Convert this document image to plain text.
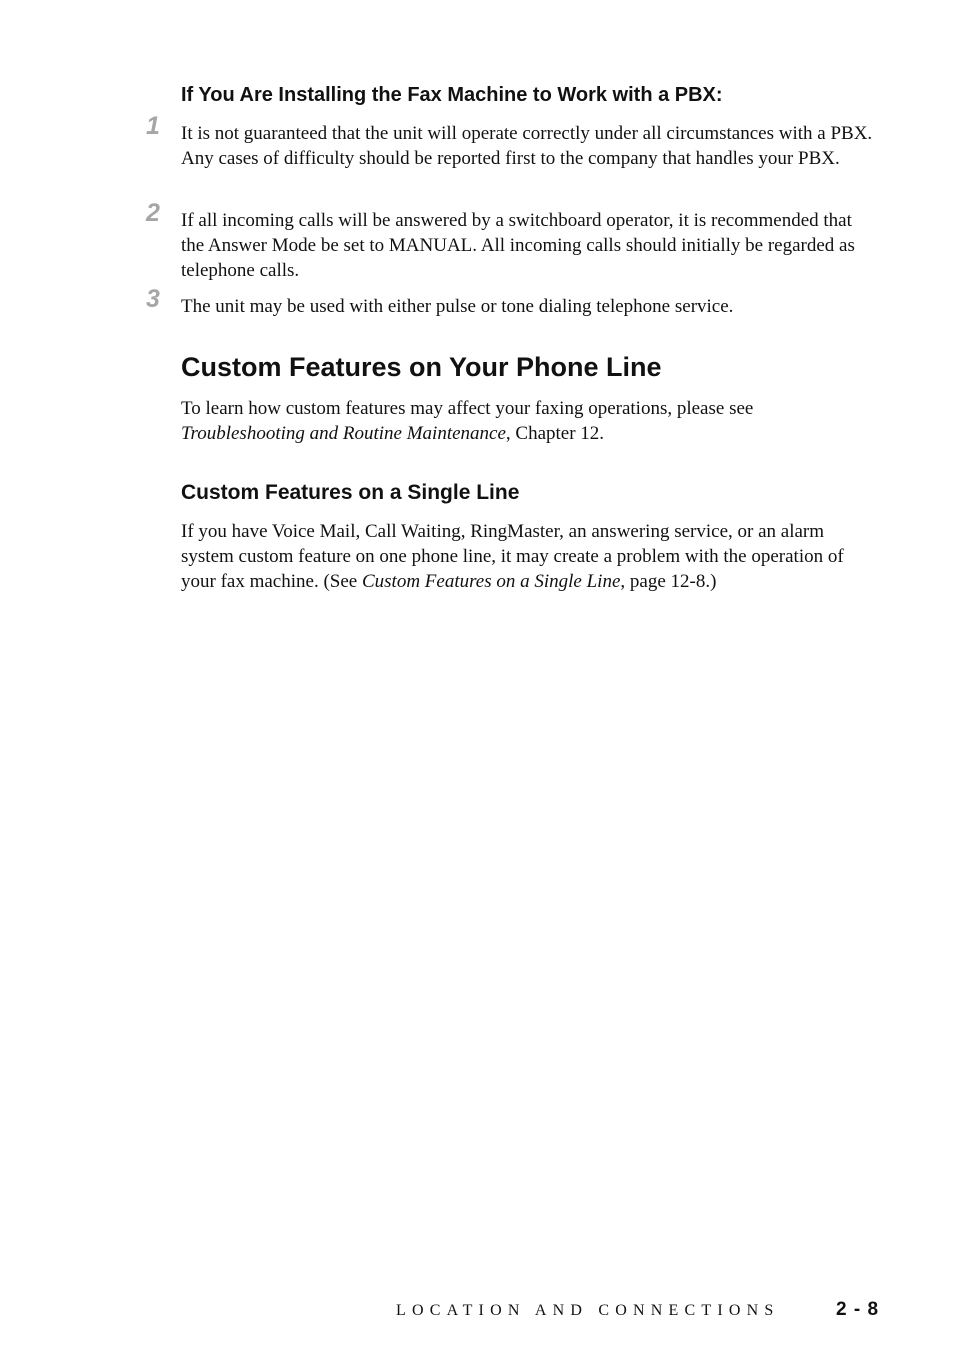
If You Are Installing the Fax Machine to Work with a PBX:
1	It is not guaranteed that the unit will operate correctly under all circumstances with a PBX. Any cases of difficulty should be reported first to the company that handles your PBX.

2	If all incoming calls will be answered by a switchboard operator, it is recommended that the Answer Mode be set to MANUAL. All incoming calls should initially be regarded as telephone calls.

3	The unit may be used with either pulse or tone dialing telephone service.

Custom Features on Your Phone Line

To learn how custom features may affect your faxing operations, please see Troubleshooting and Routine Maintenance, Chapter 12.

Custom Features on a Single Line

If you have Voice Mail, Call Waiting, RingMaster, an answering service, or an alarm system custom feature on one phone line, it may create a problem with the operation of your fax machine. (See Custom Features on a Single Line, page 12-8.)

LOCATION AND CONNECTIONS	2 - 8
